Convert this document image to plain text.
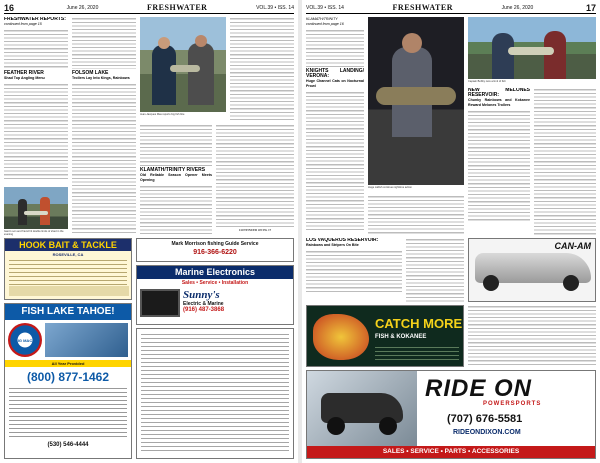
16	June 26, 2020	FRESHWATER	VOL.39 • ISS. 14
FRESHWATER REPORTS:
continued from page 15
FEATHER RIVER
Shad Top Angling Menu
Garo's son and friend hit double limits of shad in the evening
FOLSOM LAKE
Trollers Lay Into Kings, Rainbows
Jean-Jacques Mas reports big fish bite
KLAMATH/TRINITY RIVERS
Old Reliable Season Opener Meets Opening
CONTINUED ON PG 17
HOOK BAIT & TACKLE
ROSEVILLE, CA
Mark Morrison fishing Guide Service
916-366-6220
FISH LAKE TAHOE!
BIG MACK
All Year Provided
(800) 877-1462
(530) 546-4444
Marine Electronics
Sales • Service • Installation
Sunny's
Electric & Marine
(916) 487-3868
VOL.39 • ISS. 14	FRESHWATER	June 26, 2020	17
KLAMATH/TRINITY
continued from page 16
KNIGHTS LANDING/ VERONA:
Huge Channel Cats on Nocturnal Prowl
Huge catfish continue nighttime action
Captain Bobby nets a limit of fish
NEW MELONES RESERVOIR:
Chunky Rainbows and Kokanee Reward Melones Trollers
LOS VAQUEROS RESERVOIR:
Rainbows and Stripers On Bite	CAN-AM
CATCH MORE
FISH & KOKANEE
RIDE ON
POWERSPORTS
(707) 676-5581
RIDEONDIXON.COM
SALES • SERVICE • PARTS • ACCESSORIES
